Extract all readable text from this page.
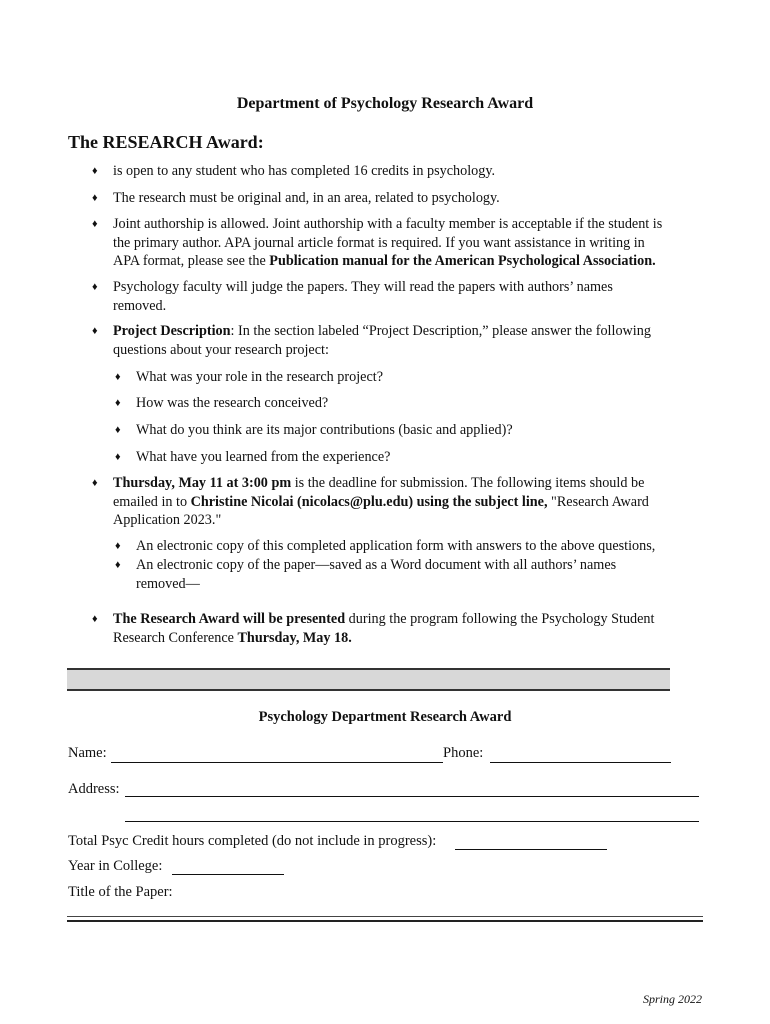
Department of Psychology Research Award
The RESEARCH Award:
♦ is open to any student who has completed 16 credits in psychology.
♦ The research must be original and, in an area, related to psychology.
♦ Joint authorship is allowed. Joint authorship with a faculty member is acceptable if the student is
the primary author. APA journal article format is required. If you want assistance in writing in
APA format, please see the Publication manual for the American Psychological Association.
♦ Psychology faculty will judge the papers. They will read the papers with authors’ names
removed.
♦ Project Description: In the section labeled “Project Description,” please answer the following
questions about your research project:
♦ What was your role in the research project?
♦ How was the research conceived?
♦ What do you think are its major contributions (basic and applied)?
♦ What have you learned from the experience?
♦ Thursday, May 11 at 3:00 pm is the deadline for submission. The following items should be
emailed in to Christine Nicolai (nicolacs@plu.edu) using the subject line, "Research Award
Application 2023."
♦ An electronic copy of this completed application form with answers to the above questions,
♦ An electronic copy of the paper—saved as a Word document with all authors’ names
removed—
♦ The Research Award will be presented during the program following the Psychology Student
Research Conference Thursday, May 18.
Psychology Department Research Award
Name:	Phone:
Address:
Total Psyc Credit hours completed (do not include in progress):
Year in College:
Title of the Paper:
Spring 2022
